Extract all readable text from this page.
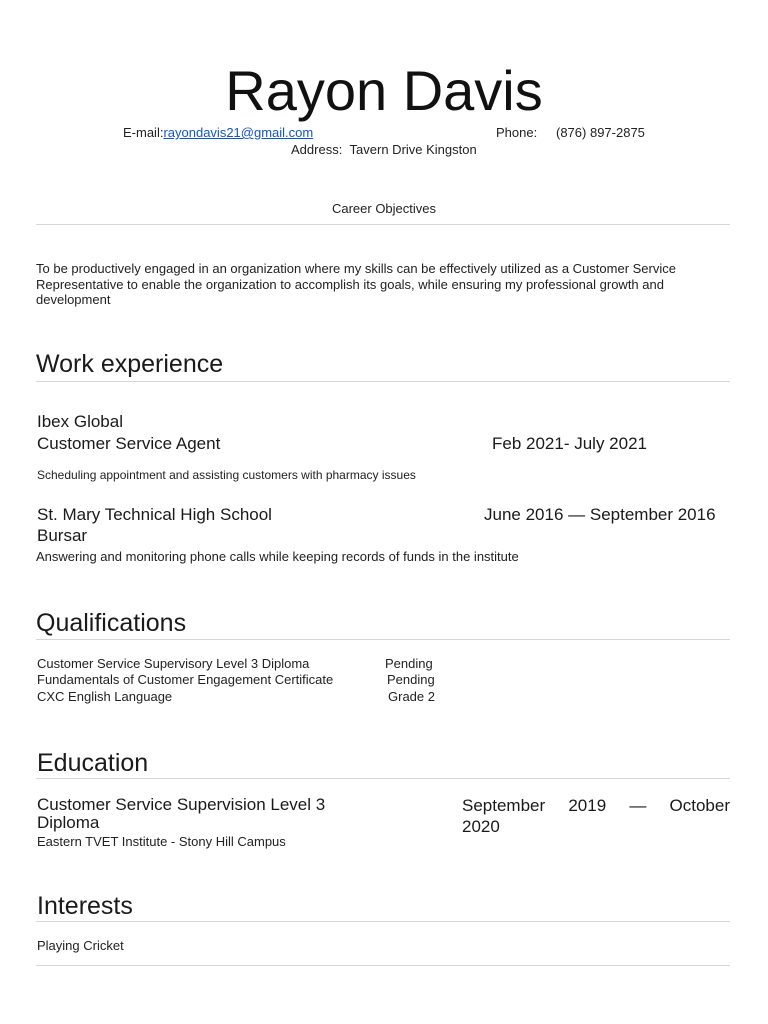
Rayon Davis
E-mail:rayondavis21@gmail.com	Phone: (876) 897-2875
Address: Tavern Drive Kingston
Career Objectives
To be productively engaged in an organization where my skills can be effectively utilized as a Customer Service Representative to enable the organization to accomplish its goals, while ensuring my professional growth and development
Work experience
Ibex Global
Customer Service Agent	Feb 2021- July 2021
Scheduling appointment and assisting customers with pharmacy issues
St. Mary Technical High School	June 2016 — September 2016
Bursar
Answering and monitoring phone calls while keeping records of funds in the institute
Qualifications
Customer Service Supervisory Level 3 Diploma	Pending
Fundamentals of Customer Engagement Certificate	Pending
CXC English Language	Grade 2
Education
Customer Service Supervision Level 3
Diploma
Eastern TVET Institute - Stony Hill Campus
September 2019 — October
2020
Interests
Playing Cricket
